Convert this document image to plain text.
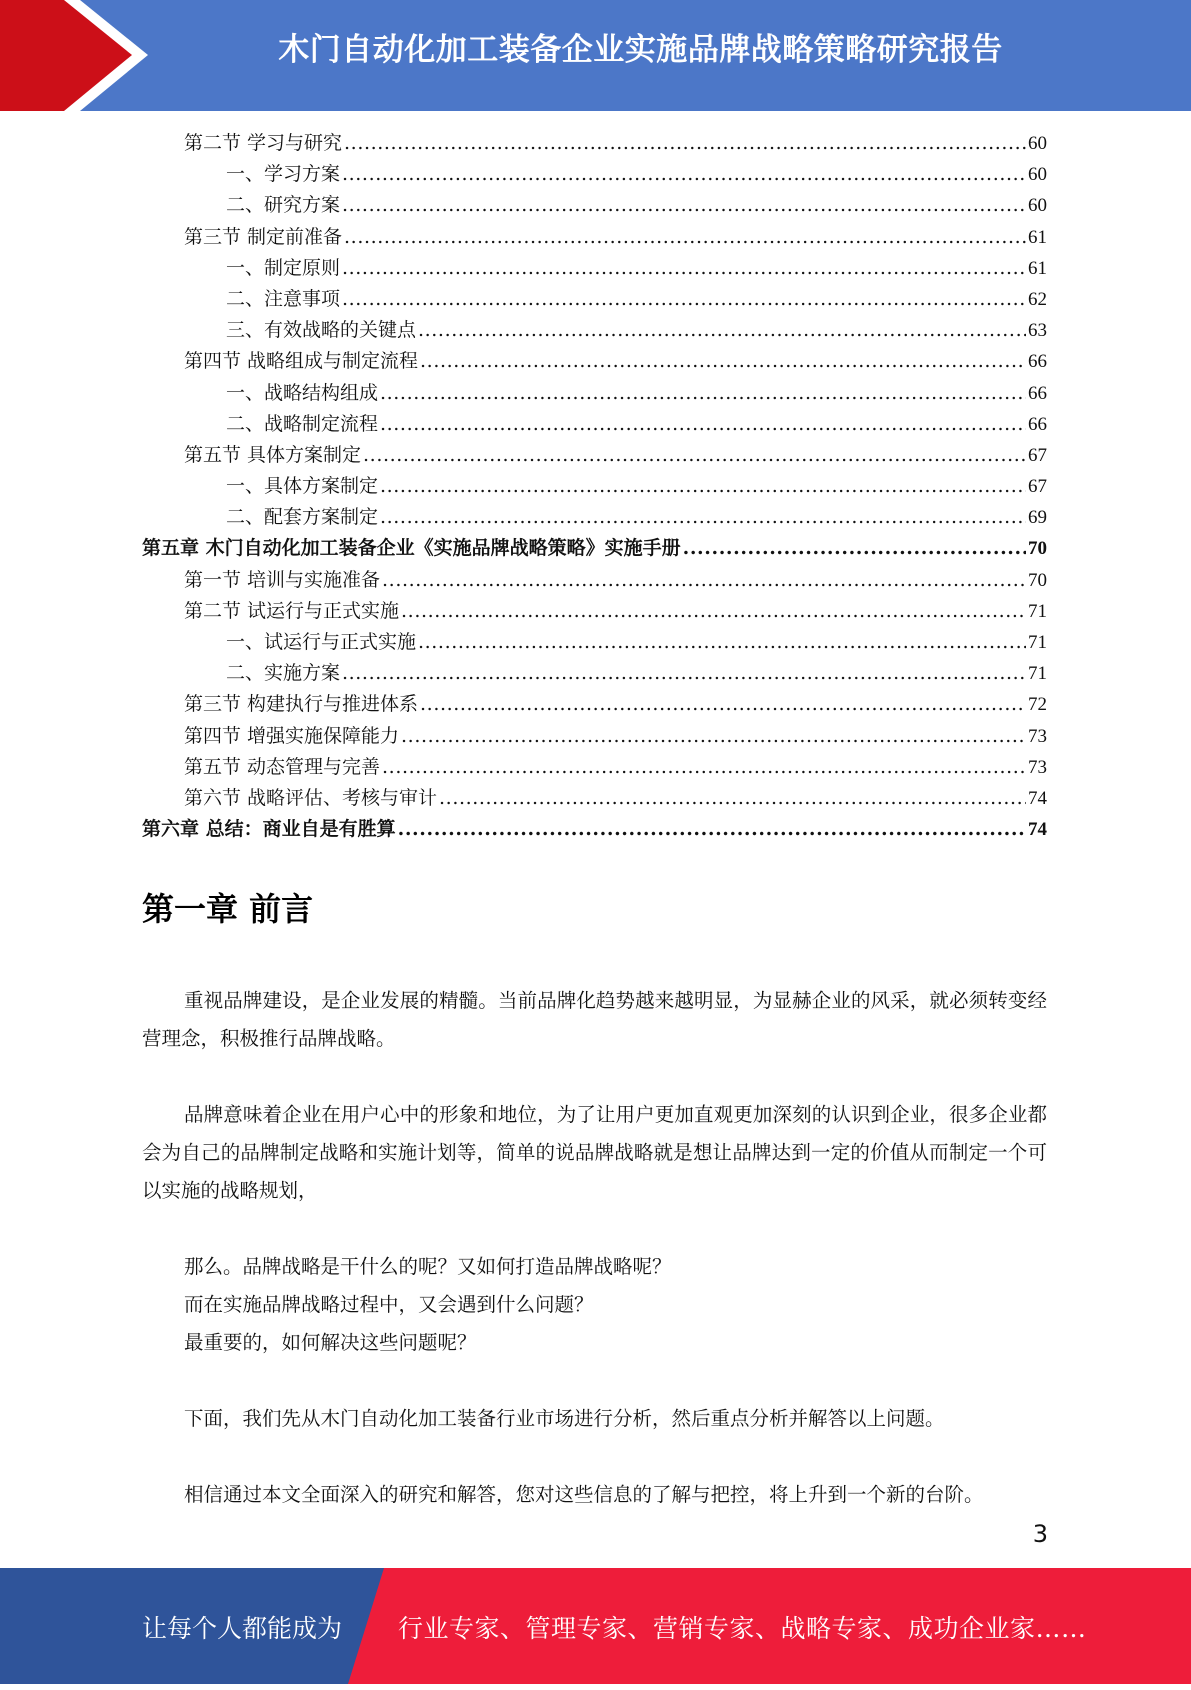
木门自动化加工装备企业实施品牌战略策略研究报告
第二节 学习与研究 .....	60
一、学习方案 .....	60
二、研究方案 .....	60
第三节 制定前准备 .....	61
一、制定原则 .....	61
二、注意事项 .....	62
三、有效战略的关键点 .....	63
第四节 战略组成与制定流程 .....	66
一、战略结构组成 .....	66
二、战略制定流程 .....	66
第五节 具体方案制定 .....	67
一、具体方案制定 .....	67
二、配套方案制定 .....	69
第五章 木门自动化加工装备企业《实施品牌战略策略》实施手册 .....	70
第一节 培训与实施准备 .....	70
第二节 试运行与正式实施 .....	71
一、试运行与正式实施 .....	71
二、实施方案 .....	71
第三节 构建执行与推进体系 .....	72
第四节 增强实施保障能力 .....	73
第五节 动态管理与完善 .....	73
第六节 战略评估、考核与审计 .....	74
第六章 总结：商业自是有胜算 .....	74
第一章 前言
重视品牌建设，是企业发展的精髓。当前品牌化趋势越来越明显，为显赫企业的风采，就必须转变经营理念，积极推行品牌战略。
品牌意味着企业在用户心中的形象和地位，为了让用户更加直观更加深刻的认识到企业，很多企业都会为自己的品牌制定战略和实施计划等，简单的说品牌战略就是想让品牌达到一定的价值从而制定一个可以实施的战略规划，
那么。品牌战略是干什么的呢？又如何打造品牌战略呢？
而在实施品牌战略过程中，又会遇到什么问题？
最重要的，如何解决这些问题呢？
下面，我们先从木门自动化加工装备行业市场进行分析，然后重点分析并解答以上问题。
相信通过本文全面深入的研究和解答，您对这些信息的了解与把控，将上升到一个新的台阶。
3
让每个人都能成为 行业专家、管理专家、营销专家、战略专家、成功企业家……
